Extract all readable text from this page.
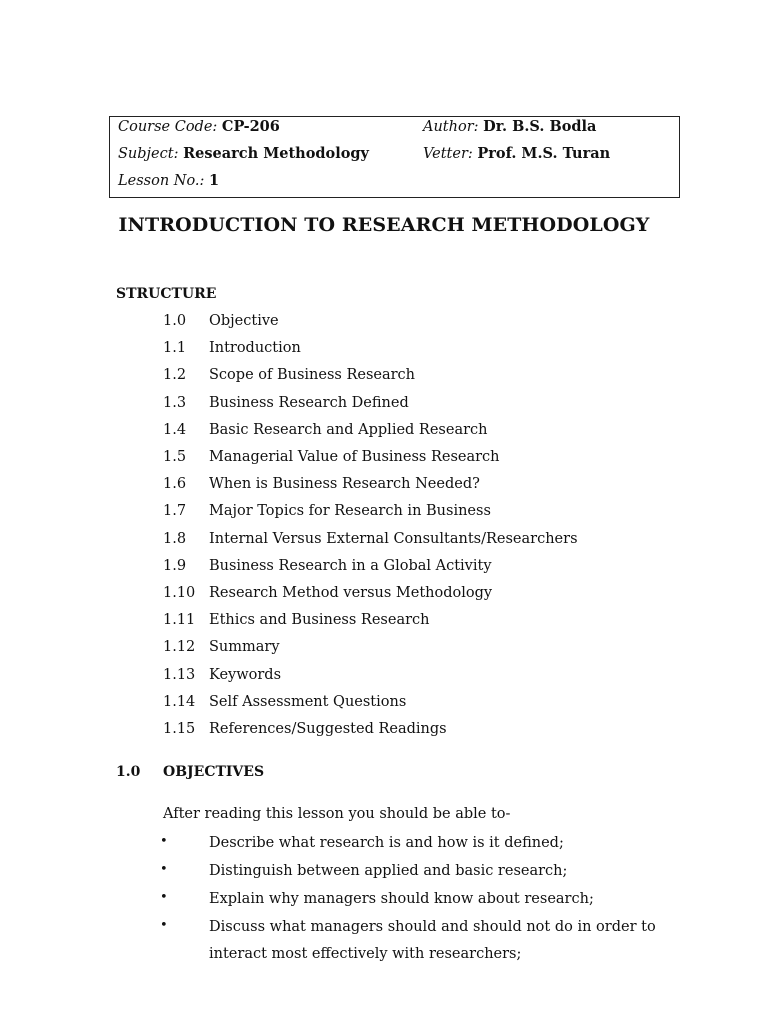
Course Code: CP-206	Author: Dr. B.S. Bodla
Subject: Research Methodology	Vetter: Prof. M.S. Turan
Lesson No.: 1
INTRODUCTION TO RESEARCH METHODOLOGY
STRUCTURE
1.0 Objective
1.1 Introduction
1.2 Scope of Business Research
1.3 Business Research Defined
1.4 Basic Research and Applied Research
1.5 Managerial Value of Business Research
1.6 When is Business Research Needed?
1.7 Major Topics for Research in Business
1.8 Internal Versus External Consultants/Researchers
1.9 Business Research in a Global Activity
1.10 Research Method versus Methodology
1.11 Ethics and Business Research
1.12 Summary
1.13 Keywords
1.14 Self Assessment Questions
1.15 References/Suggested Readings
1.0 OBJECTIVES
After reading this lesson you should be able to-
•	Describe what research is and how is it defined;
•	Distinguish between applied and basic research;
•	Explain why managers should know about research;
•	Discuss what managers should and should not do in order to
interact most effectively with researchers;
